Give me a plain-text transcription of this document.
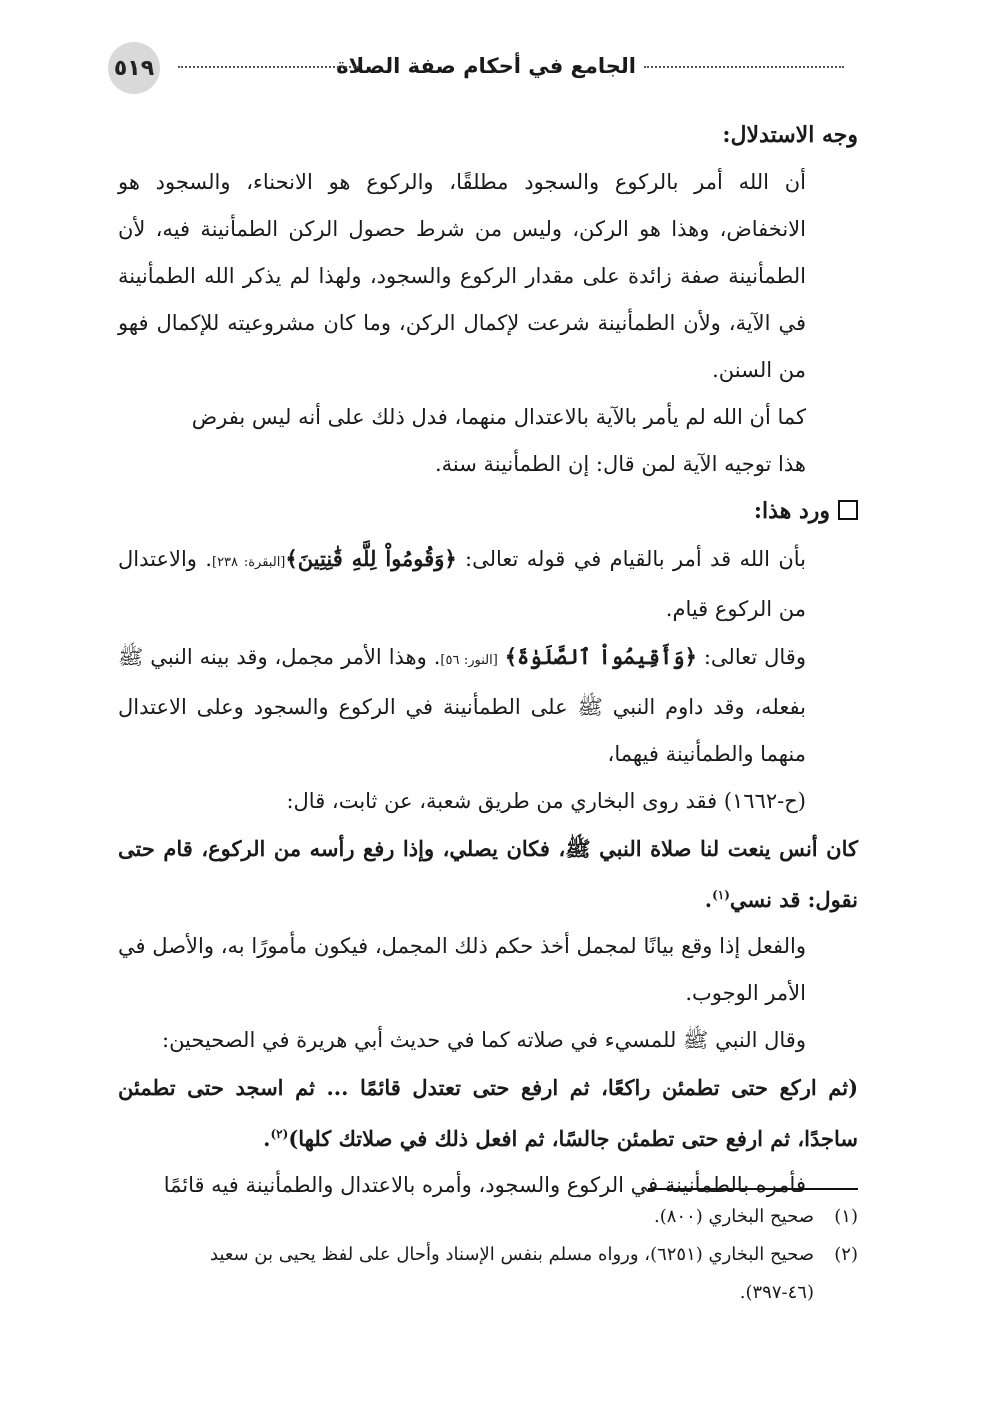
الجامع في أحكام صفة الصلاة
٥١٩

وجه الاستدلال:

أن الله أمر بالركوع والسجود مطلقًا، والركوع هو الانحناء، والسجود هو الانخفاض، وهذا هو الركن، وليس من شرط حصول الركن الطمأنينة فيه، لأن الطمأنينة صفة زائدة على مقدار الركوع والسجود، ولهذا لم يذكر الله الطمأنينة في الآية، ولأن الطمأنينة شرعت لإكمال الركن، وما كان مشروعيته للإكمال فهو من السنن.

كما أن الله لم يأمر بالآية بالاعتدال منهما، فدل ذلك على أنه ليس بفرض

هذا توجيه الآية لمن قال: إن الطمأنينة سنة.

ورد هذا:

بأن الله قد أمر بالقيام في قوله تعالى: ﴿وَقُومُواْ لِلَّهِ قَٰنِتِينَ﴾[البقرة: ٢٣٨]. والاعتدال من الركوع قيام.

وقال تعالى: ﴿وَأَقِيمُواْ ٱلصَّلَوٰةَ﴾ [النور: ٥٦]. وهذا الأمر مجمل، وقد بينه النبي ﷺ بفعله، وقد داوم النبي ﷺ على الطمأنينة في الركوع والسجود وعلى الاعتدال منهما والطمأنينة فيهما،

(ح-١٦٦٢) فقد روى البخاري من طريق شعبة، عن ثابت، قال:

كان أنس ينعت لنا صلاة النبي ﷺ، فكان يصلي، وإذا رفع رأسه من الركوع، قام حتى نقول: قد نسي$^{(١)}$.

والفعل إذا وقع بيانًا لمجمل أخذ حكم ذلك المجمل، فيكون مأمورًا به، والأصل في الأمر الوجوب.

وقال النبي ﷺ للمسيء في صلاته كما في حديث أبي هريرة في الصحيحين:

(ثم اركع حتى تطمئن راكعًا، ثم ارفع حتى تعتدل قائمًا ... ثم اسجد حتى تطمئن ساجدًا، ثم ارفع حتى تطمئن جالسًا، ثم افعل ذلك في صلاتك كلها)$^{(٢)}$.

فأمره بالطمأنينة في الركوع والسجود، وأمره بالاعتدال والطمأنينة فيه قائمًا

(١)صحيح البخاري (٨٠٠).

(٢)صحيح البخاري (٦٢٥١)، ورواه مسلم بنفس الإسناد وأحال على لفظ يحيى بن سعيد

(٤٦-٣٩٧).
